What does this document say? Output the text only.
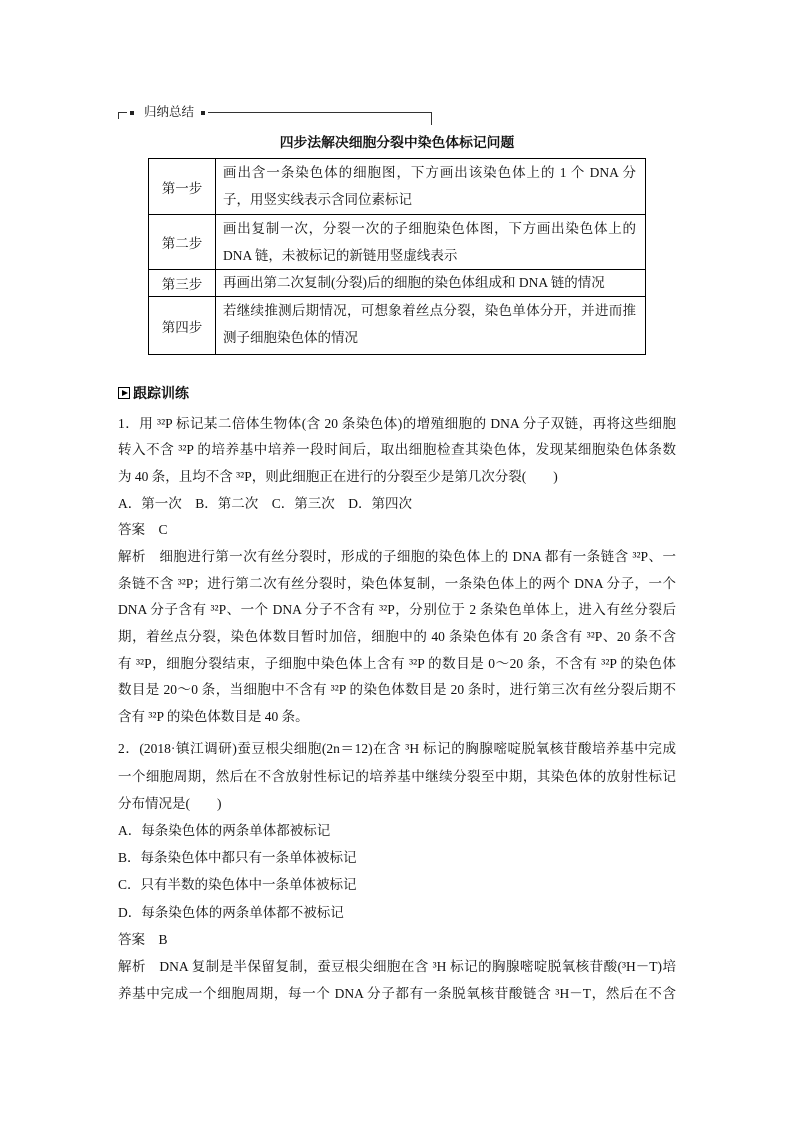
归纳总结
四步法解决细胞分裂中染色体标记问题
第一步
画出含一条染色体的细胞图，下方画出该染色体上的 1 个 DNA 分
子，用竖实线表示含同位素标记
第二步
画出复制一次，分裂一次的子细胞染色体图，下方画出染色体上的
DNA 链，未被标记的新链用竖虚线表示
第三步	再画出第二次复制(分裂)后的细胞的染色体组成和 DNA 链的情况
第四步
若继续推测后期情况，可想象着丝点分裂，染色单体分开，并进而推
测子细胞染色体的情况
跟踪训练
1．用 ³²P 标记某二倍体生物体(含 20 条染色体)的增殖细胞的 DNA 分子双链，再将这些细胞
转入不含 ³²P 的培养基中培养一段时间后，取出细胞检查其染色体，发现某细胞染色体条数
为 40 条，且均不含 ³²P，则此细胞正在进行的分裂至少是第几次分裂(　　)
A．第一次 B．第二次 C．第三次 D．第四次
答案 C
解析 细胞进行第一次有丝分裂时，形成的子细胞的染色体上的 DNA 都有一条链含 ³²P、一
条链不含 ³²P；进行第二次有丝分裂时，染色体复制，一条染色体上的两个 DNA 分子，一个
DNA 分子含有 ³²P、一个 DNA 分子不含有 ³²P，分别位于 2 条染色单体上，进入有丝分裂后
期，着丝点分裂，染色体数目暂时加倍，细胞中的 40 条染色体有 20 条含有 ³²P、20 条不含
有 ³²P，细胞分裂结束，子细胞中染色体上含有 ³²P 的数目是 0～20 条，不含有 ³²P 的染色体
数目是 20～0 条，当细胞中不含有 ³²P 的染色体数目是 20 条时，进行第三次有丝分裂后期不
含有 ³²P 的染色体数目是 40 条。
2．(2018·镇江调研)蚕豆根尖细胞(2n＝12)在含 ³H 标记的胸腺嘧啶脱氧核苷酸培养基中完成
一个细胞周期，然后在不含放射性标记的培养基中继续分裂至中期，其染色体的放射性标记
分布情况是(　　)
A．每条染色体的两条单体都被标记
B．每条染色体中都只有一条单体被标记
C．只有半数的染色体中一条单体被标记
D．每条染色体的两条单体都不被标记
答案 B
解析 DNA 复制是半保留复制，蚕豆根尖细胞在含 ³H 标记的胸腺嘧啶脱氧核苷酸(³H－T)培
养基中完成一个细胞周期，每一个 DNA 分子都有一条脱氧核苷酸链含 ³H－T，然后在不含
